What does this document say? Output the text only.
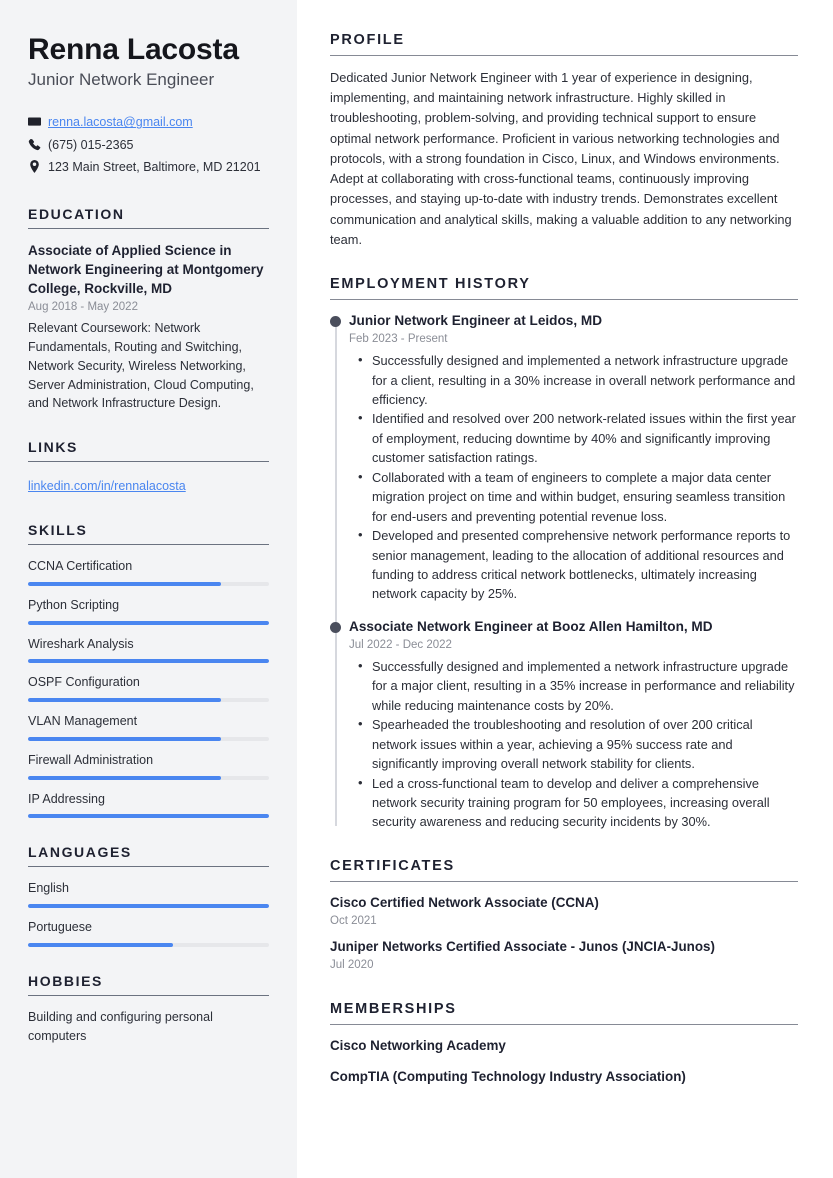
Renna Lacosta
Junior Network Engineer
renna.lacosta@gmail.com
(675) 015-2365
123 Main Street, Baltimore, MD 21201
EDUCATION
Associate of Applied Science in Network Engineering at Montgomery College, Rockville, MD
Aug 2018 - May 2022
Relevant Coursework: Network Fundamentals, Routing and Switching, Network Security, Wireless Networking, Server Administration, Cloud Computing, and Network Infrastructure Design.
LINKS
linkedin.com/in/rennalacosta
SKILLS
CCNA Certification
Python Scripting
Wireshark Analysis
OSPF Configuration
VLAN Management
Firewall Administration
IP Addressing
LANGUAGES
English
Portuguese
HOBBIES
Building and configuring personal computers
PROFILE

Dedicated Junior Network Engineer with 1 year of experience in designing, implementing, and maintaining network infrastructure. Highly skilled in troubleshooting, problem-solving, and providing technical support to ensure optimal network performance. Proficient in various networking technologies and protocols, with a strong foundation in Cisco, Linux, and Windows environments. Adept at collaborating with cross-functional teams, continuously improving processes, and staying up-to-date with industry trends. Demonstrates excellent communication and analytical skills, making a valuable addition to any networking team.

EMPLOYMENT HISTORY
Junior Network Engineer at Leidos, MD
Feb 2023 - Present
• Successfully designed and implemented a network infrastructure upgrade for a client, resulting in a 30% increase in overall network performance and efficiency.
• Identified and resolved over 200 network-related issues within the first year of employment, reducing downtime by 40% and significantly improving customer satisfaction ratings.
• Collaborated with a team of engineers to complete a major data center migration project on time and within budget, ensuring seamless transition for end-users and preventing potential revenue loss.
• Developed and presented comprehensive network performance reports to senior management, leading to the allocation of additional resources and funding to address critical network bottlenecks, ultimately increasing network capacity by 25%.
Associate Network Engineer at Booz Allen Hamilton, MD
Jul 2022 - Dec 2022
• Successfully designed and implemented a network infrastructure upgrade for a major client, resulting in a 35% increase in performance and reliability while reducing maintenance costs by 20%.
• Spearheaded the troubleshooting and resolution of over 200 critical network issues within a year, achieving a 95% success rate and significantly improving overall network stability for clients.
• Led a cross-functional team to develop and deliver a comprehensive network security training program for 50 employees, increasing overall security awareness and reducing security incidents by 30%.
CERTIFICATES
Cisco Certified Network Associate (CCNA)
Oct 2021
Juniper Networks Certified Associate - Junos (JNCIA-Junos)
Jul 2020
MEMBERSHIPS
Cisco Networking Academy
CompTIA (Computing Technology Industry Association)
